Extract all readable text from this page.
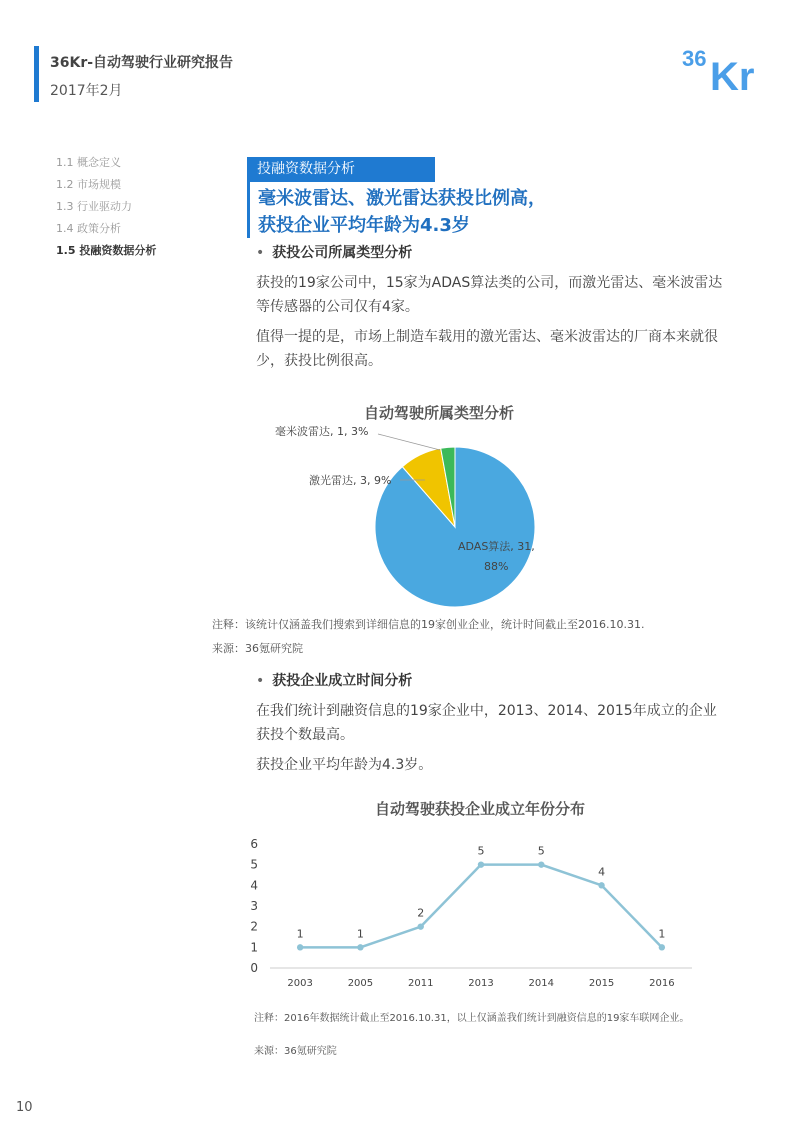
36Kr-自动驾驶行业研究报告
2017年2月
36 Kr
1.1 概念定义
1.2 市场规模
1.3 行业驱动力
1.4 政策分析
1.5 投融资数据分析
投融资数据分析
毫米波雷达、激光雷达获投比例高，
获投企业平均年龄为4.3岁
• 获投公司所属类型分析
获投的19家公司中，15家为ADAS算法类的公司，而激光雷达、毫米波雷达等传感器的公司仅有4家。
值得一提的是，市场上制造车载用的激光雷达、毫米波雷达的厂商本来就很少，获投比例很高。
自动驾驶所属类型分析
毫米波雷达, 1, 3%
激光雷达, 3, 9%
ADAS算法, 31,
88%
注释：该统计仅涵盖我们搜索到详细信息的19家创业企业，统计时间截止至2016.10.31.
来源：36氪研究院
• 获投企业成立时间分析
在我们统计到融资信息的19家企业中，2013、2014、2015年成立的企业获投个数最高。
获投企业平均年龄为4.3岁。
自动驾驶获投企业成立年份分布
0
1
2
3
4
5
6
2003	2005	2011	2013	2014	2015	2016
1	1
2
5	5
4
1
注释：2016年数据统计截止至2016.10.31，以上仅涵盖我们统计到融资信息的19家车联网企业。
来源：36氪研究院
10
